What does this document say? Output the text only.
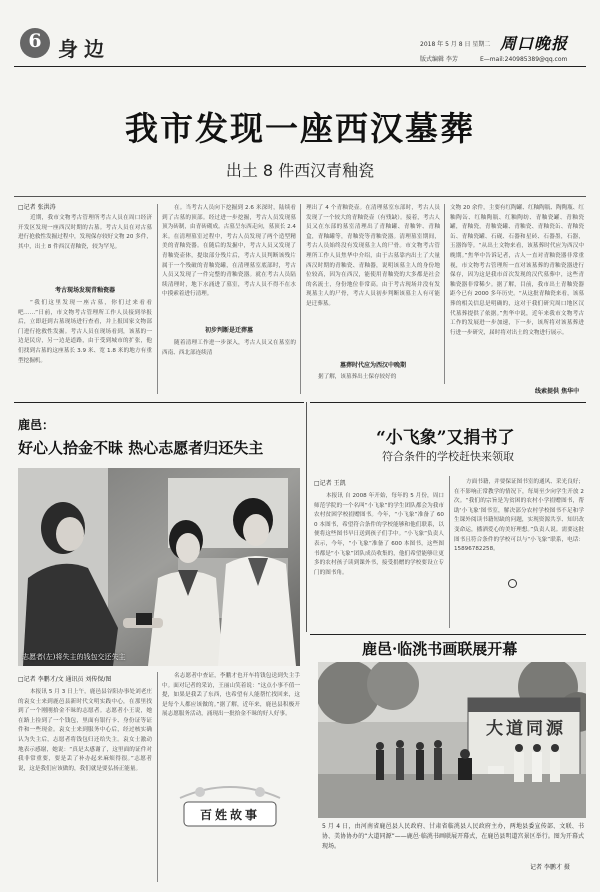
6 身边	2018 年 5 月 8 日 星期二 周口晚报
版式编辑 李芳	E—mail:240985389@qq.com
我市发现一座西汉墓葬
出土 8 件西汉青釉瓷
□记者 张洪涛
近期，我市文物考古管理所考古人员在周口经济开发区发现一座西汉时期的古墓。考古人员在对古墓进行抢救性发掘过程中，发现保存较好文物 20 多件，其中，出土 8 件西汉青釉瓷，较为罕见。
考古现场发现青釉瓷器
“我们这里发现一座古墓，你们过来看看吧……”日前，市文物考古管理所工作人员接到举报后，立即赶到古墓现场进行查看，并上报国家文物部门进行抢救性发掘。考古人员在现场看到，该墓的一边是民房，另一边是道路，由于受到城市的扩张，他们找到古墓的这座墓长 3.9 米、宽 1.8 米的地方有重型挖掘机。
在。当考古人员向下挖掘到 2.6 米深时，陆续看到了古墓的顶部。经过进一步挖掘，考古人员发现墓顶为砖制，由青砖砌成。古墓呈东西走向，墓顶长 2.4 米。在清理墓室过程中，考古人员发现了两个造型精美的青釉瓷器。在随后的发掘中，考古人员又发现了青釉瓷壶体，提取部分残片后，考古人员判断该残片属于一个残破的青釉瓷罐，在清理墓室底部时，考古人员又发现了一件完整的青釉瓷器。就在考古人员陆续清理时，地下水涌进了墓室，考古人员不得不在水中摸索着进行清理。
初步判断是迁葬墓
随着清理工作进一步深入，考古人员又在墓室的西南、西北部连续清
理出了 4 个青釉瓷壶。在清理墓室东部时，考古人员发现了一个较大的青釉瓷壶（有残缺）。接着，考古人员又在东部的墓室清理出了青釉罐、青釉钟、青釉盒，青釉罐等，青釉瓷等青釉瓷器。清理墓室期间，考古人员始终没有发现墓主人的尸骨。市文物考古管理所工作人员焦华中介绍，由于古墓靠内出土了大量西汉时期的青釉瓷、青釉器，说明该墓主人的身份地位较高，因为在西汉，能使用青釉瓷的大多都是社会的名流士，身份地位非常高。由于考古现场并没有发现墓主人的尸骨，考古人员初步判断该墓主人有可能是迁葬墓。
墓葬时代应为西汉中晚期
据了解，该墓葬出土保存较好的
文物 20 余件，主要有红陶罐、红釉陶瓶、陶陶瓶、红釉陶缶、红釉陶瓶、红釉陶纺、青釉瓷罐、青釉瓷罐，青釉瓷，青釉瓷罐、青釉瓷、青釉瓷缶、青釉瓷缶、青釉瓷罐、石砚、石器和星砖、石器墨，石器，玉器饰等。“从出土文物来看，该墓葬时代应为西汉中晚期。”焦华中告诉记者，古人一直对青釉瓷器非常重视，市文物考古管理所一直对该墓葬的青釉瓷器进行保存，因为这是我市首次发现的汉代墓葬中，这些青釉瓷器非常稀少。据了解，目前，我市出土青釉瓷器距今已有 2000 多年历史。“从这批青釉瓷来看，该墓葬的相关信息是明确的，这对于我们研究周口地区汉代墓葬提供了依据。”焦华中说，近年来我市文物考古工作的发展进一步加速，下一步，该所将对该墓葬进行进一步研究，届时将对出土的文物进行展示。
线索提供 焦华中
鹿邑：
好心人拾金不昧 热心志愿者归还失主
志愿者(左)将失主的钱包交还失主
□记者 李鹏才/文 通讯员 刘传保/图
本报讯 5 月 3 日上午，鹿邑县谷阳办事处刘老庄的袁女士来到鹿邑县新时代文明实践中心，在那里找到了一个刚刚拾金不昧的志愿者。志愿者小王说，她在路上捡到了一个钱包，里面有银行卡、身份证等证件和一些现金。袁女士来到服务中心后，经过核实确认为失主后，志愿者将钱包归还给失主。袁女士激动地表示感谢，她说：“真是太感谢了，这里面的证件对我非常重要，要是丢了补办起来麻烦得很。”志愿者说，这是我们应该做的，我们就是要弘扬正能量。
名志愿者中查证，李鹏才也开车将钱包送到失主手中。面对记者的采访，王丽山笑着说：“这点小事不值一提，如果是我丢了东西，也希望有人能帮忙找回来，这是每个人都应该做的。”据了解，近年来，鹿邑县积极开展志愿服务活动，涌现出一批拾金不昧的好人好事。
百姓故事
“小飞象”又捐书了
符合条件的学校赶快来领取
□记者 王凯
本报讯 自 2008 年开始，每年的 5 月份，周口师范学院的一个名叫“小飞象”的学生团队都会为我市农村贫困学校捐赠图书。今年，“小飞象”准备了 600 本图书，希望符合条件的学校能够和他们联系，以便将这些图书早日送到孩子们手中。“小飞象”负责人表示，今年，“小飞象”准备了 600 本图书，这些图书都是“小飞象”团队成员收集的，他们希望能够让更多的农村孩子读到课外书，接受捐赠的学校要设立专门的图书角。
方面书籍，并要保证图书室的通风、采光良好；在不影响正常教学的情况下，每周至少向学生开放 2 次。“我们的宗旨是为贫困的农村小学捐赠图书，帮助‘小飞象’图书室，解决部分农村学校图书不足和学生课外阅读书籍短缺的问题，实现资源共享、知识改变命运，播洒爱心的美好理想。”负责人说。需要这批图书且符合条件的学校可以与“小飞象”联系，电话：15896782258。
鹿邑·临洮书画联展开幕
大道同源
5 月 4 日，由河南省鹿邑县人民政府、甘肃省临洮县人民政府主办，两地县委宣传部、文联、书协、美协协办的“大道同源”——鹿邑·临洮书画联展开幕式，在鹿邑县明道宫景区举行。图为开幕式现场。
记者 李鹏才 摄
